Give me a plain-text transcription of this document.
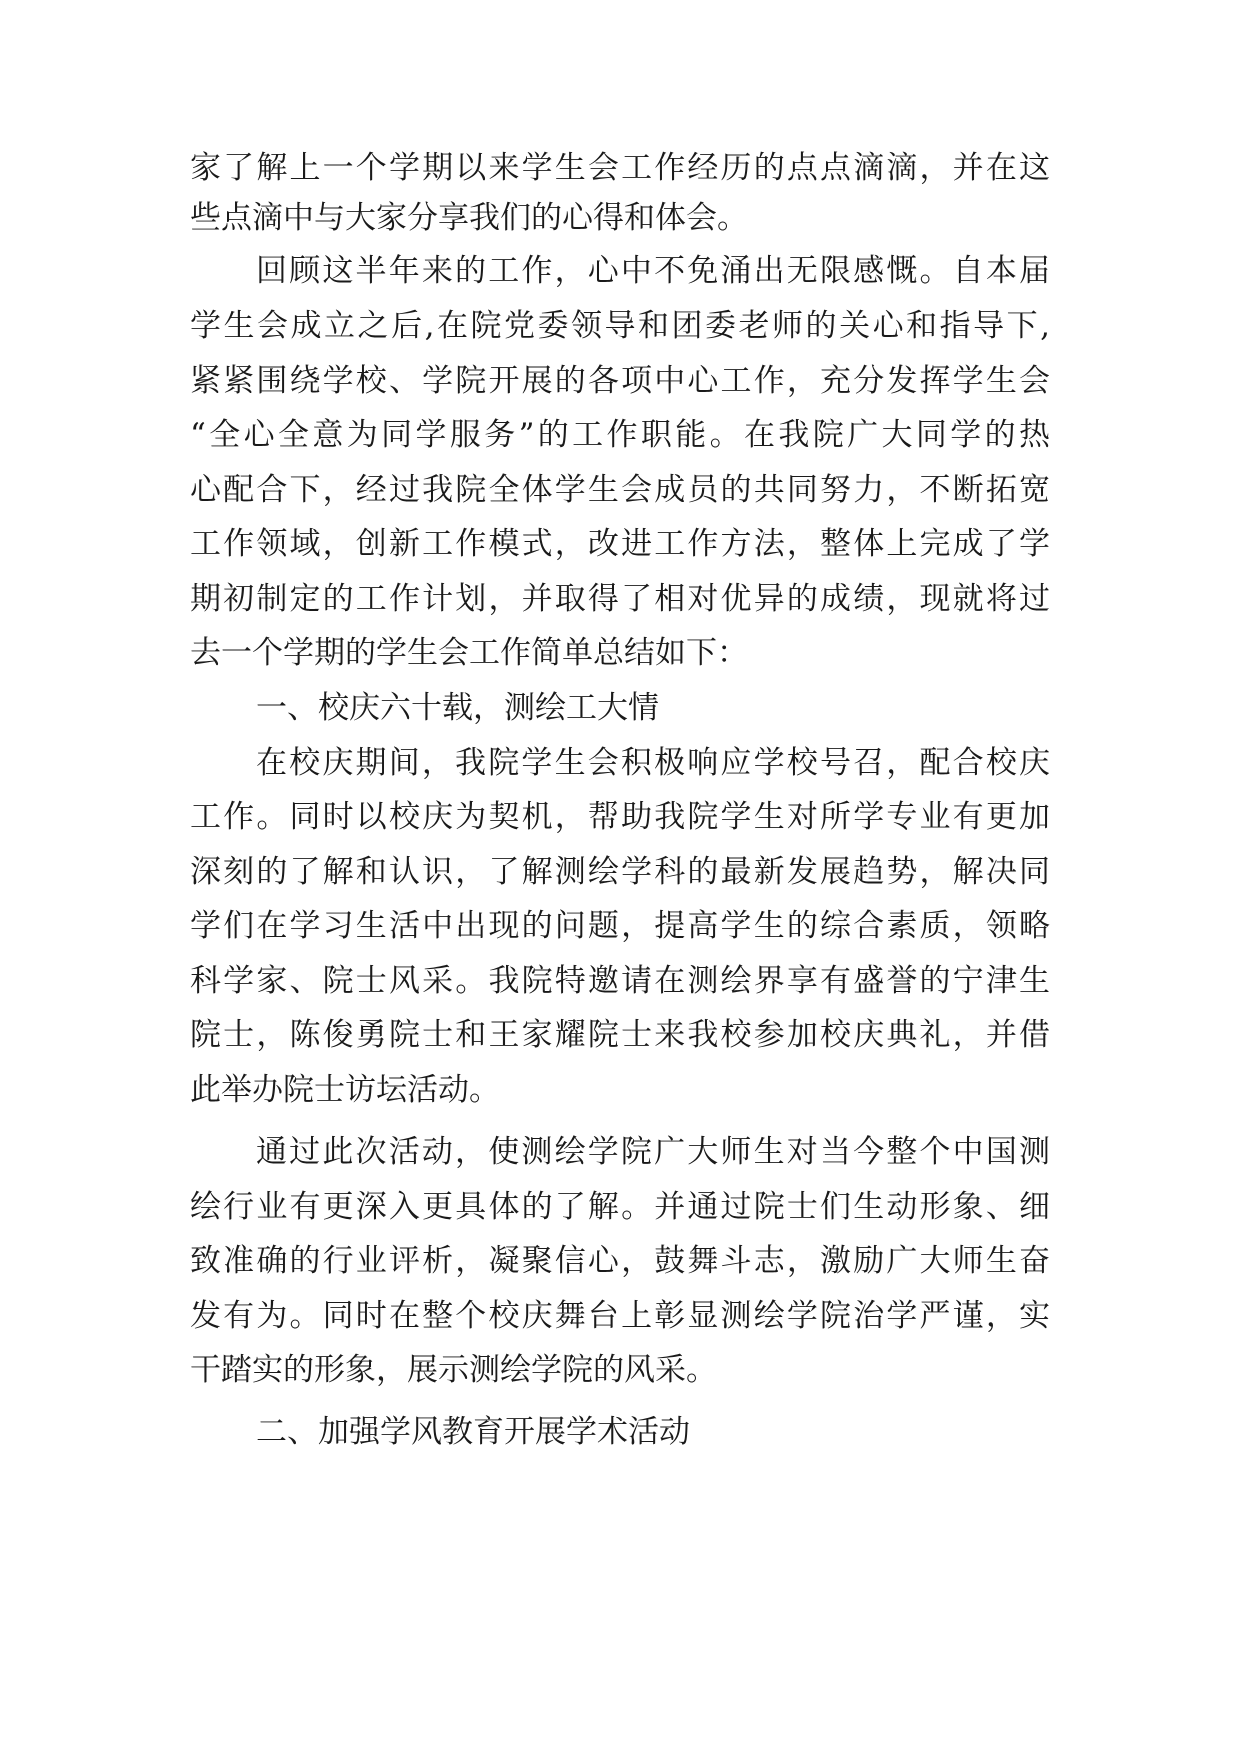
家了解上一个学期以来学生会工作经历的点点滴滴，并在这
些点滴中与大家分享我们的心得和体会。
回顾这半年来的工作，心中不免涌出无限感慨。自本届
学生会成立之后,在院党委领导和团委老师的关心和指导下,
紧紧围绕学校、学院开展的各项中心工作，充分发挥学生会
“全心全意为同学服务”的工作职能。在我院广大同学的热
心配合下，经过我院全体学生会成员的共同努力，不断拓宽
工作领域，创新工作模式，改进工作方法，整体上完成了学
期初制定的工作计划，并取得了相对优异的成绩，现就将过
去一个学期的学生会工作简单总结如下：
一、校庆六十载，测绘工大情
在校庆期间，我院学生会积极响应学校号召，配合校庆
工作。同时以校庆为契机，帮助我院学生对所学专业有更加
深刻的了解和认识，了解测绘学科的最新发展趋势，解决同
学们在学习生活中出现的问题，提高学生的综合素质，领略
科学家、院士风采。我院特邀请在测绘界享有盛誉的宁津生
院士，陈俊勇院士和王家耀院士来我校参加校庆典礼，并借
此举办院士访坛活动。
通过此次活动，使测绘学院广大师生对当今整个中国测
绘行业有更深入更具体的了解。并通过院士们生动形象、细
致准确的行业评析，凝聚信心，鼓舞斗志，激励广大师生奋
发有为。同时在整个校庆舞台上彰显测绘学院治学严谨，实
干踏实的形象，展示测绘学院的风采。
二、加强学风教育开展学术活动
